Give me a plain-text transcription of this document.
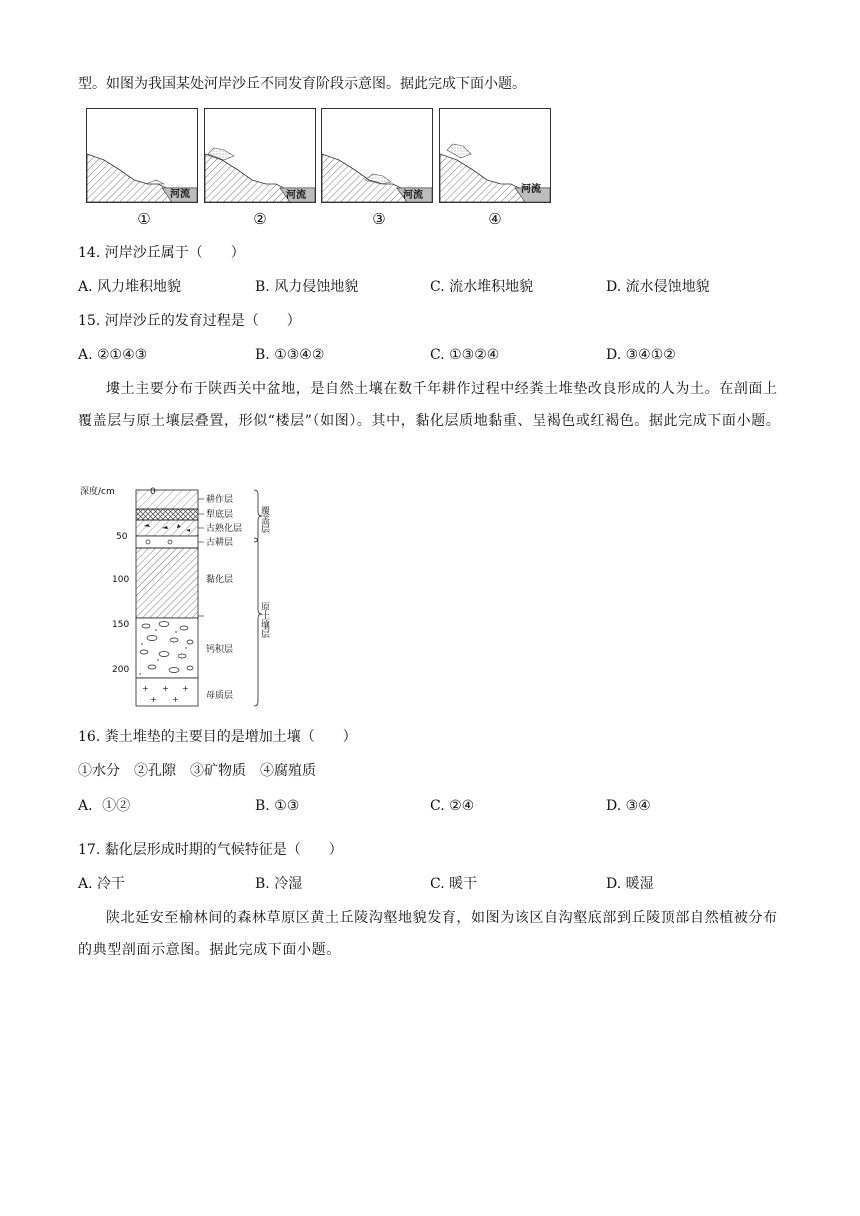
型。如图为我国某处河岸沙丘不同发育阶段示意图。据此完成下面小题。
河流	河流	河流
河流
①	②	③	④
14. 河岸沙丘属于（　　）
A. 风力堆积地貌	B. 风力侵蚀地貌	C. 流水堆积地貌	D. 流水侵蚀地貌
15. 河岸沙丘的发育过程是（　　）
A. ②①④③	B. ①③④②	C. ①③②④	D. ③④①②
塿土主要分布于陕西关中盆地，是自然土壤在数千年耕作过程中经粪土堆垫改良形成的人为土。在剖面上覆盖层与原土壤层叠置，形似“楼层”（如图）。其中，黏化层质地黏重、呈褐色或红褐色。据此完成下面小题。
深度/cm
50
100
150
200
+ + +
+ +
耕作层
犁底层
古熟化层
古耕层
黏化层
钙积层
母质层
覆盖层
原土壤层
16. 粪土堆垫的主要目的是增加土壤（　　）
①水分　②孔隙　③矿物质　④腐殖质
A．①②	B. ①③	C. ②④	D. ③④
17. 黏化层形成时期的气候特征是（　　）
A. 冷干	B. 冷湿	C. 暖干	D. 暖湿
陕北延安至榆林间的森林草原区黄土丘陵沟壑地貌发育，如图为该区自沟壑底部到丘陵顶部自然植被分布的典型剖面示意图。据此完成下面小题。
